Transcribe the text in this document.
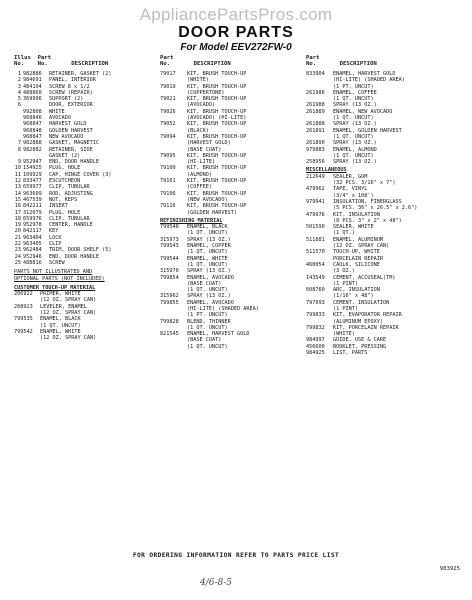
AppliancePartsPros.com
DOOR PARTS
For Model EEV272FW-0
Illus  Part
No.    No.       DESCRIPTION
1 982886	RETAINER, GASKET (2)
2 984691	PANEL, INTERIOR
3 484104	SCREW 8 x 1/2
4 488860	SCREW (REPAIR)
5 369996	SUPPORT (2)
6	DOOR, EXTERIOR
992808	WHITE
968846	AVOCADO
968847	HARVEST GOLD
968848	GOLDEN HARVEST
968847	NEW AVOCADO
7 982888	GASKET, MAGNETIC
8 982882	RETAINER, SIDE
GASKET (2)
9 952947	END, DOOR HANDLE
10 154925	PLUG, HOLE
11 109929	CAP, HINGE COVER (3)
12 833477	ESCUTCHEON
13 659977	CLIP, TUBULAR
14 963609	ROD, ADJUSTING
15 467539	NUT, KEPS
16 842211	INSERT
17 312079	PLUG, HOLE
18 659976	CLIP, TUBULAR
19 952978	CENTER, HANDLE
20 842117	KEY
21 963404	LOCK
22 963405	CLIP
23 962484	TRIM, DOOR SHELF (5)
24 952946	END, DOOR HANDLE
25 488816	SCREW
PARTS NOT ILLUSTRATED AND
OPTIONAL PARTS (NOT INCLUDED)
CUSTOMER TOUCH-UP MATERIAL
206922	PRIMER, WHITE
(12 OZ. SPRAY CAN)
208923	LEVELER, ENAMEL
(12 OZ. SPRAY CAN)
799535	ENAMEL, BLACK
(1 QT. UNCUT)
799542	ENAMEL, WHITE
(12 OZ. SPRAY CAN)
Part
No.       DESCRIPTION
79017	KIT, BRUSH TOUCH-UP
(WHITE)
79019	KIT, BRUSH TOUCH-UP
(COPPERTONE)
79021	KIT, BRUSH TOUCH-UP
(AVOCADO)
79026	KIT, BRUSH TOUCH-UP
(AVOCADO) (HI-LITE)
79052	KIT, BRUSH TOUCH-UP
(BLACK)
79094	KIT, BRUSH TOUCH-UP
(HARVEST GOLD)
(BASE COAT)
79095	KIT, BRUSH TOUCH-UP
(HI-LITE)
79100	KIT, BRUSH TOUCH-UP
(ALMOND)
79101	KIT, BRUSH TOUCH-UP
(COFFEE)
79106	KIT, BRUSH TOUCH-UP
(NEW AVOCADO)
79116	KIT, BRUSH TOUCH-UP
(GOLDEN HARVEST)
REFINISHING MATERIAL
799540	ENAMEL, BLACK
(1 QT. UNCUT)
315973	SPRAY (13 OZ.)
799543	ENAMEL, COPPER
(1 QT. UNCUT)
799544	ENAMEL, WHITE
(1 QT. UNCUT)
315970	SPRAY (13 OZ.)
799854	ENAMEL, AVOCADO
(BASE COAT)
(1 QT. UNCUT)
315962	SPRAY (13 OZ.)
799855	ENAMEL, AVOCADO
(HI-LITE) (SHADED AREA)
(1 PT. UNCUT)
799828	BLEND, THINNER
(1 QT. UNCUT)
821545	ENAMEL, HARVEST GOLD
(BASE COAT)
(1 QT. UNCUT)
Part
No.       DESCRIPTION
833904	ENAMEL, HARVEST GOLD
(HI-LITE) (SHADED AREA)
(1 PT. UNCUT)
261986	ENAMEL, COFFEE
(1 QT. UNCUT)
261988	SPRAY (13 OZ.)
261889	ENAMEL, NEW AVOCADO
(1 QT. UNCUT)
261888	SPRAY (13 OZ.)
261891	ENAMEL, GOLDEN HARVEST
(1 QT. UNCUT)
261890	SPRAY (13 OZ.)
979883	ENAMEL, ALMOND
(1 QT. UNCUT)
258956	SPRAY (13 OZ.)
MISCELLANEOUS
212649	SEALER, GUM
(32 PCS. 3/16" x 7")
479962	TAPE, VINYL
(3/4" x 108')
979941	INSULATION, FIBERGLASS
(5 PCS. 36" x 26.5" x 2.6")
479976	KIT, INSULATION
(8 PCS. 3" x 2" x 48")
501590	SEALER, WHITE
(1 QT.)
511881	ENAMEL, ALUMINUM
(12 OZ. SPRAY CAN)
511570	TOUCH-UP, WHITE
PORCELAIN REPAIR
460054	CAULK, SILICONE
(3 OZ.)
143549	CEMENT, ACCUSEAL(TM)
(1 PINT)
608760	ARC, INSULATION
(1/16" x 48")
797093	CEMENT, INSULATION
(1 PINT)
799833	KIT, EVAPORATOR REPAIR
(ALUMINUM EPOXY)
799832	KIT, PORCELAIN REPAIR
(WHITE)
984997	GUIDE, USE & CARE
456600	BOOKLET, PRESSING
984925	LIST, PARTS
FOR ORDERING INFORMATION REFER TO PARTS PRICE LIST
983925
4/6-8-5
